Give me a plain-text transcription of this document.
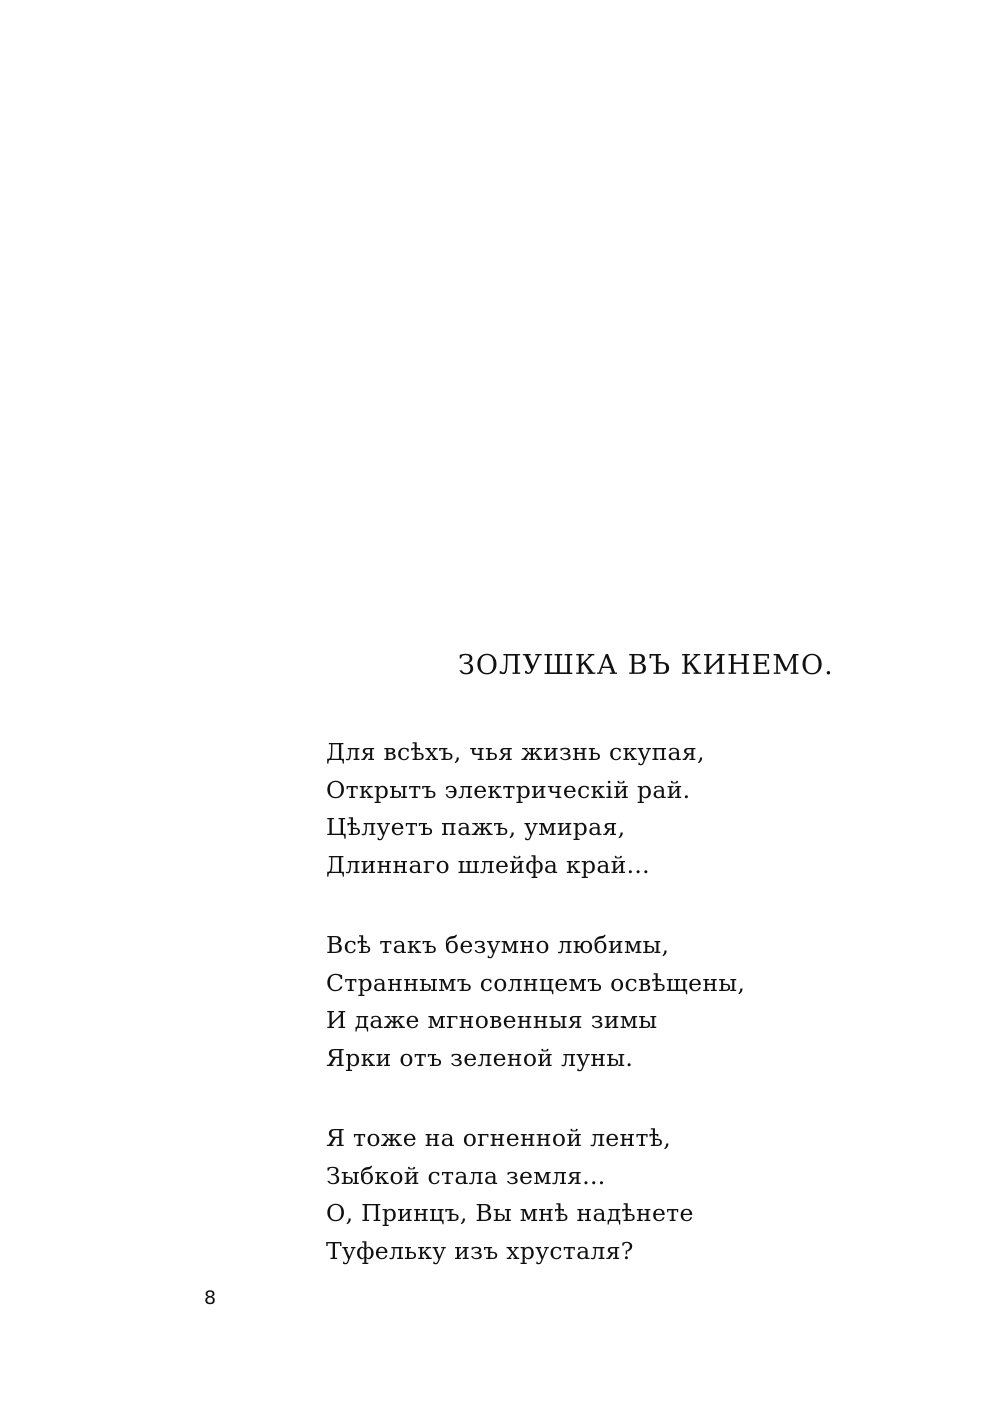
ЗОЛУШКА ВЪ КИНЕМО.
Для всѣхъ, чья жизнь скупая,
Открытъ электрическій рай.
Цѣлуетъ пажъ, умирая,
Длиннаго шлейфа край...
Всѣ такъ безумно любимы,
Страннымъ солнцемъ освѣщены,
И даже мгновенныя зимы
Ярки отъ зеленой луны.
Я тоже на огненной лентѣ,
Зыбкой стала земля...
О, Принцъ, Вы мнѣ надѣнете
Туфельку изъ хрусталя?
8
